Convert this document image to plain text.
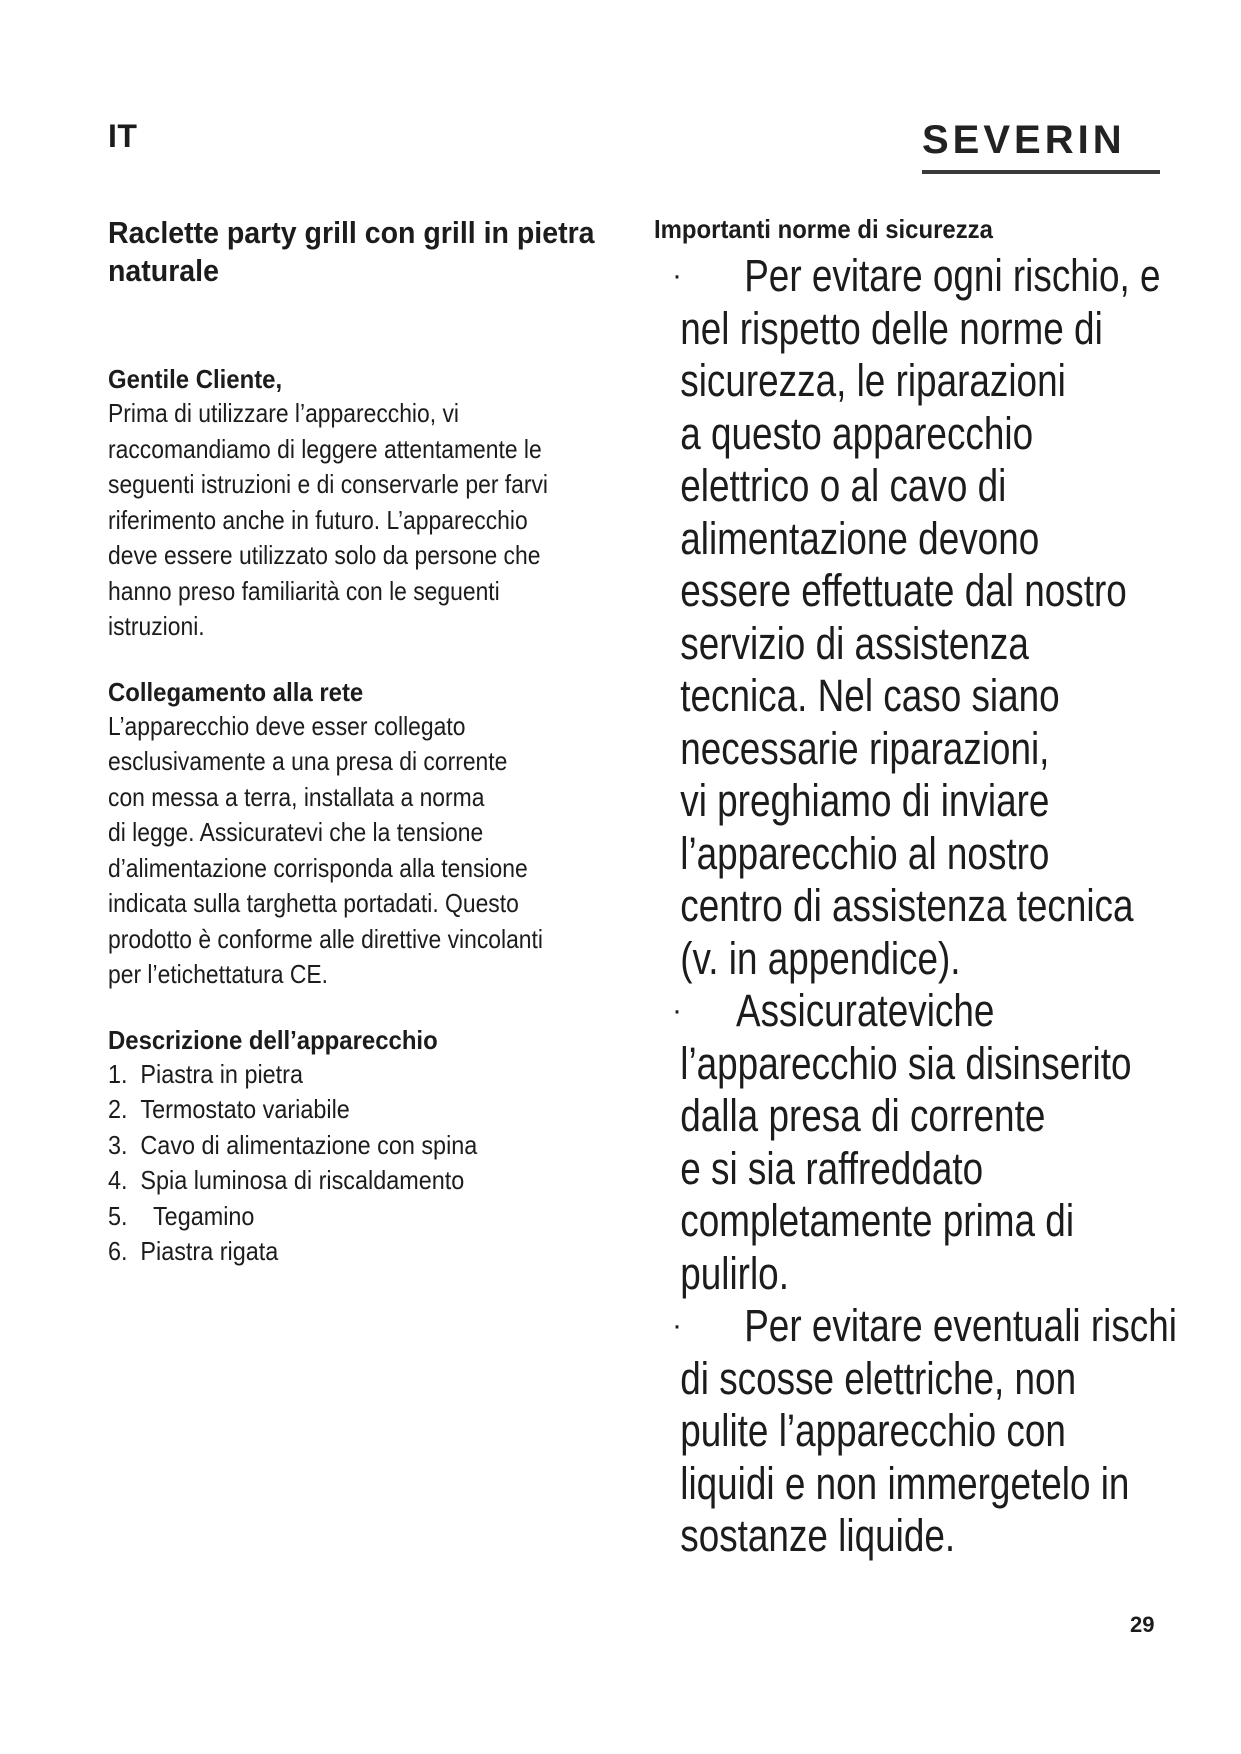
IT	SEVERIN
Raclette party grill con grill in pietra
naturale
Gentile Cliente,
Prima di utilizzare l’apparecchio, vi
raccomandiamo di leggere attentamente le
seguenti istruzioni e di conservarle per farvi
riferimento anche in futuro. L’apparecchio
deve essere utilizzato solo da persone che
hanno preso familiarità con le seguenti
istruzioni.
Collegamento alla rete
L’apparecchio deve esser collegato
esclusivamente a una presa di corrente
con messa a terra, installata a norma
di legge. Assicuratevi che la tensione
d’alimentazione corrisponda alla tensione
indicata sulla targhetta portadati. Questo
prodotto è conforme alle direttive vincolanti
per l’etichettatura CE.
Descrizione dell’apparecchio
1. Piastra in pietra
2. Termostato variabile
3. Cavo di alimentazione con spina
4. Spia luminosa di riscaldamento
5. Tegamino
6. Piastra rigata
Importanti norme di sicurezza
·	Per evitare ogni rischio, e
nel rispetto delle norme di
sicurezza, le riparazioni
a questo apparecchio
elettrico o al cavo di
alimentazione devono
essere effettuate dal nostro
servizio di assistenza
tecnica. Nel caso siano
necessarie riparazioni,
vi preghiamo di inviare
l’apparecchio al nostro
centro di assistenza tecnica
(v. in appendice).
·	Assicurateviche
l’apparecchio sia disinserito
dalla presa di corrente
e si sia raffreddato
completamente prima di
pulirlo.
·	Per evitare eventuali rischi
di scosse elettriche, non
pulite l’apparecchio con
liquidi e non immergetelo in
sostanze liquide.
29
